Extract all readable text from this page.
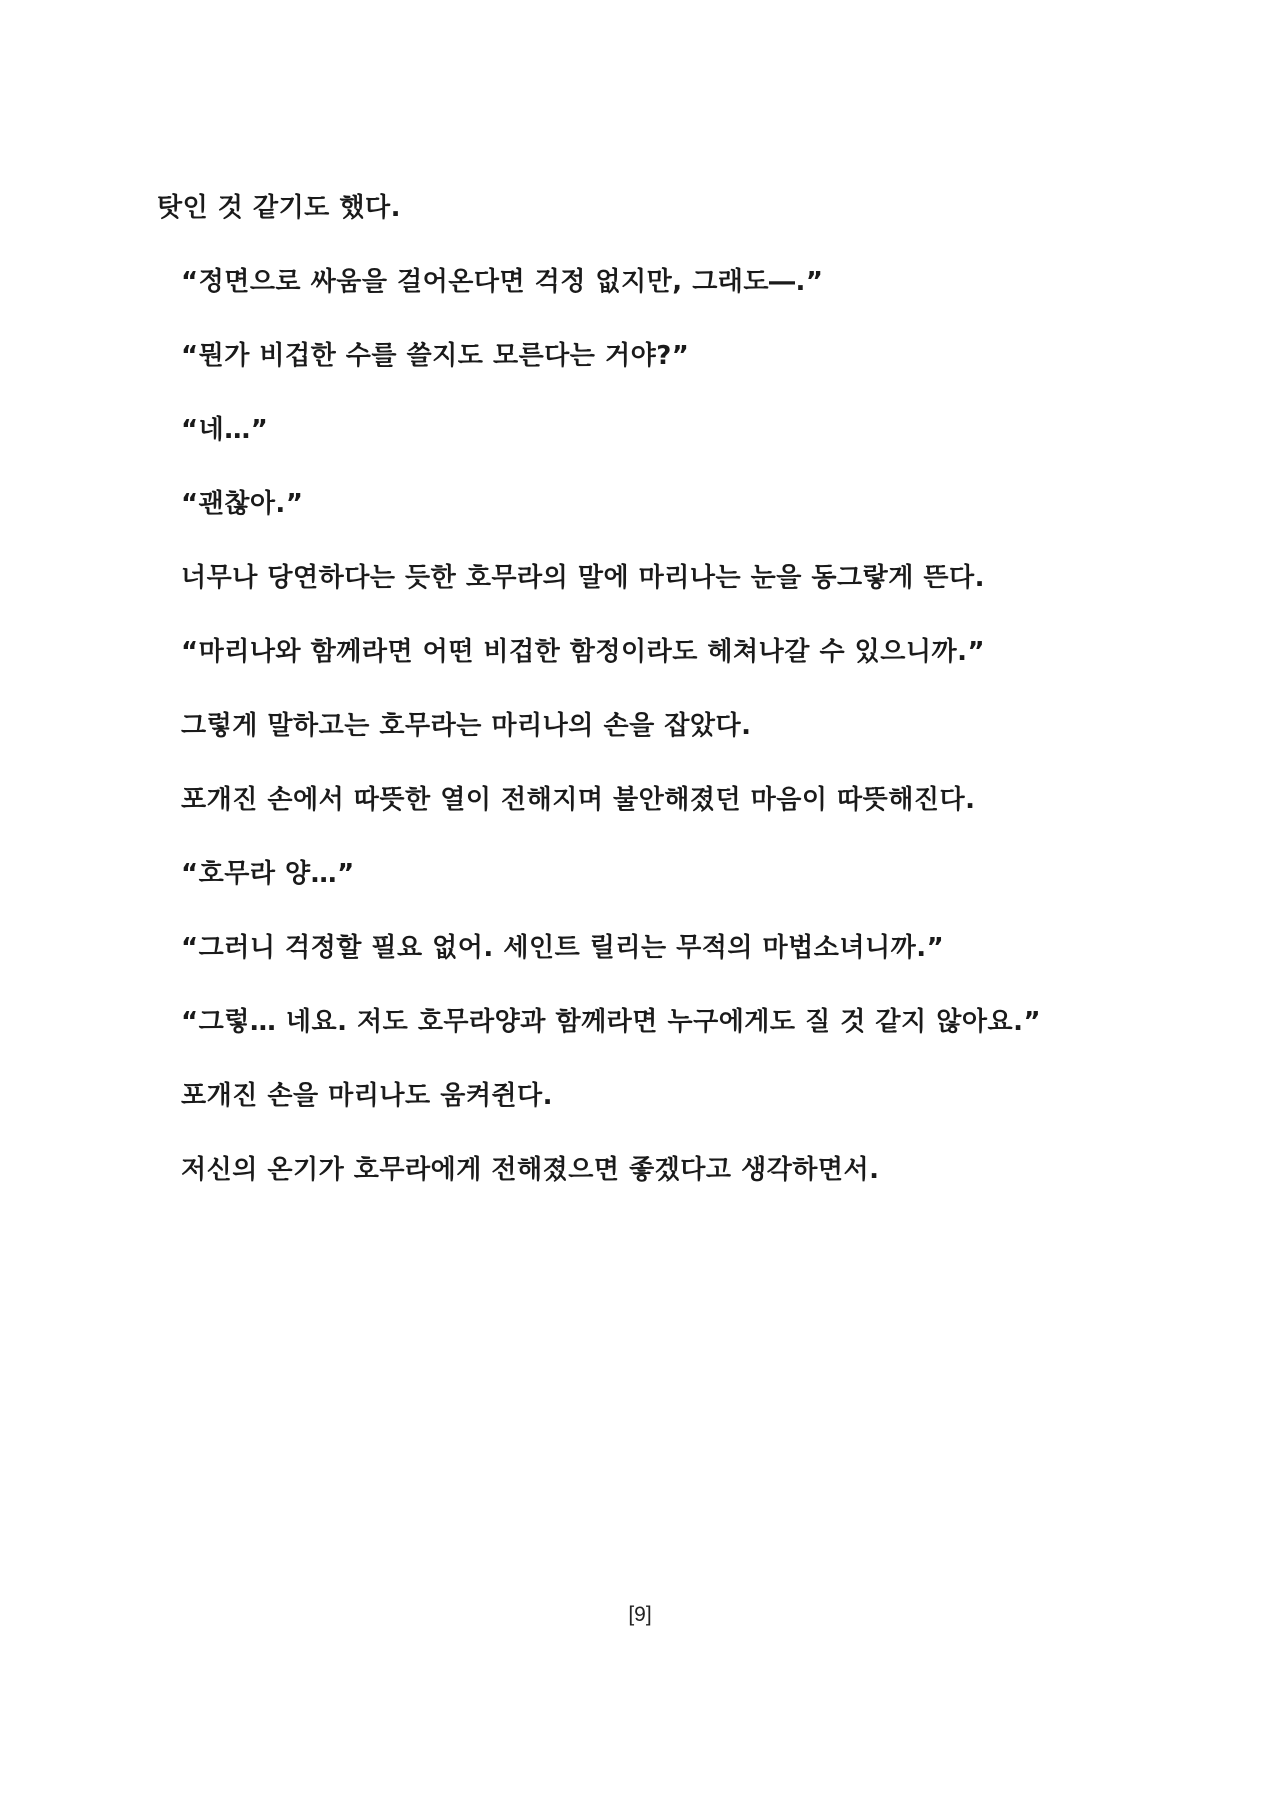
탓인 것 같기도 했다.

“정면으로 싸움을 걸어온다면 걱정 없지만, 그래도―.”

“뭔가 비겁한 수를 쓸지도 모른다는 거야?”

“네…”

“괜찮아.”

너무나 당연하다는 듯한 호무라의 말에 마리나는 눈을 동그랗게 뜬다.

“마리나와 함께라면 어떤 비겁한 함정이라도 헤쳐나갈 수 있으니까.”

그렇게 말하고는 호무라는 마리나의 손을 잡았다.

포개진 손에서 따뜻한 열이 전해지며 불안해졌던 마음이 따뜻해진다.

“호무라 양…”

“그러니 걱정할 필요 없어. 세인트 릴리는 무적의 마법소녀니까.”

“그렇… 네요. 저도 호무라양과 함께라면 누구에게도 질 것 같지 않아요.”

포개진 손을 마리나도 움켜쥔다.

저신의 온기가 호무라에게 전해졌으면 좋겠다고 생각하면서.

[9]
